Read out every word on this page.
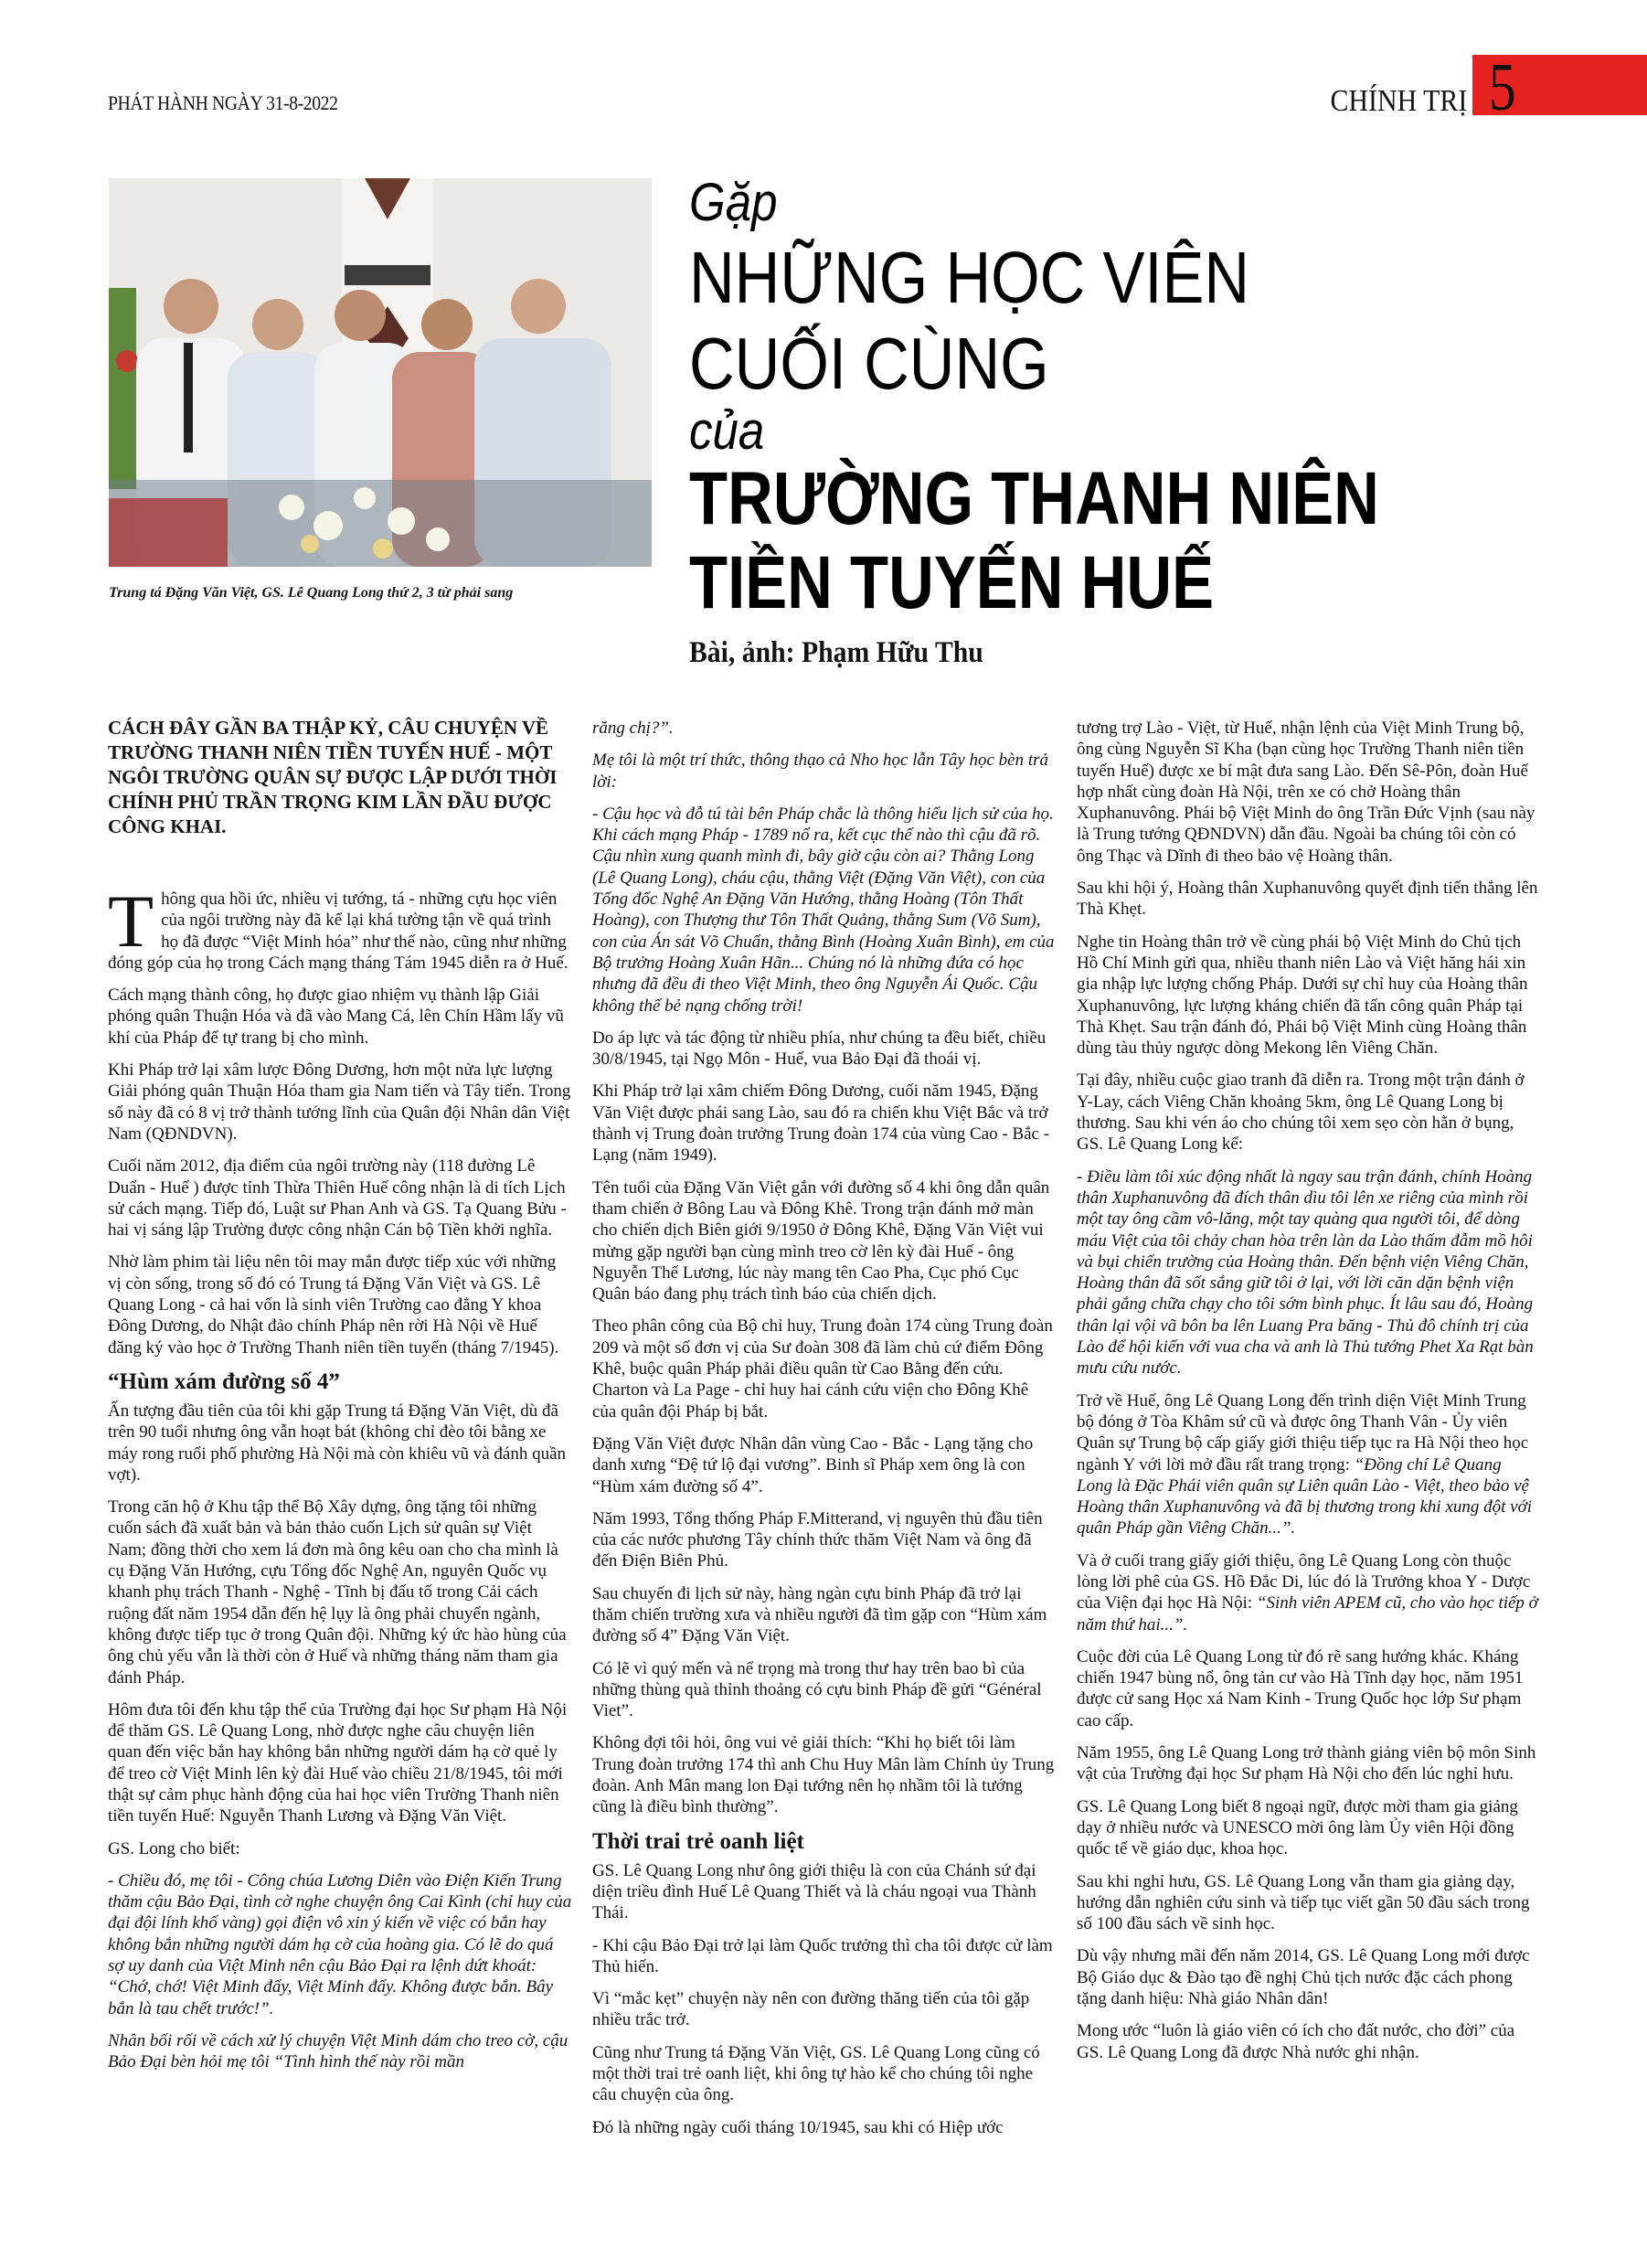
PHÁT HÀNH NGÀY 31-8-2022	CHÍNH TRỊ 5
Trung tá Đặng Văn Việt, GS. Lê Quang Long thứ 2, 3 từ phải sang
Gặp
NHỮNG HỌC VIÊN
CUỐI CÙNG
của
TRƯỜNG THANH NIÊN
TIỀN TUYẾN HUẾ
Bài, ảnh: Phạm Hữu Thu

CÁCH ĐÂY GẦN BA THẬP KỶ, CÂU CHUYỆN VỀ TRƯỜNG THANH NIÊN TIỀN TUYẾN HUẾ - MỘT NGÔI TRƯỜNG QUÂN SỰ ĐƯỢC LẬP DƯỚI THỜI CHÍNH PHỦ TRẦN TRỌNG KIM LẦN ĐẦU ĐƯỢC CÔNG KHAI.

Thông qua hồi ức, nhiều vị tướng, tá - những cựu học viên của ngôi trường này đã kể lại khá tường tận về quá trình họ đã được “Việt Minh hóa” như thế nào, cũng như những đóng góp của họ trong Cách mạng tháng Tám 1945 diễn ra ở Huế.

Cách mạng thành công, họ được giao nhiệm vụ thành lập Giải phóng quân Thuận Hóa và đã vào Mang Cá, lên Chín Hầm lấy vũ khí của Pháp để tự trang bị cho mình.

Khi Pháp trở lại xâm lược Đông Dương, hơn một nửa lực lượng Giải phóng quân Thuận Hóa tham gia Nam tiến và Tây tiến. Trong số này đã có 8 vị trở thành tướng lĩnh của Quân đội Nhân dân Việt Nam (QĐNDVN).

Cuối năm 2012, địa điểm của ngôi trường này (118 đường Lê Duẩn - Huế ) được tỉnh Thừa Thiên Huế công nhận là di tích Lịch sử cách mạng. Tiếp đó, Luật sư Phan Anh và GS. Tạ Quang Bửu - hai vị sáng lập Trường được công nhận Cán bộ Tiền khởi nghĩa.

Nhờ làm phim tài liệu nên tôi may mắn được tiếp xúc với những vị còn sống, trong số đó có Trung tá Đặng Văn Việt và GS. Lê Quang Long - cả hai vốn là sinh viên Trường cao đẳng Y khoa Đông Dương, do Nhật đảo chính Pháp nên rời Hà Nội về Huế đăng ký vào học ở Trường Thanh niên tiền tuyến (tháng 7/1945).

“Hùm xám đường số 4”

Ấn tượng đầu tiên của tôi khi gặp Trung tá Đặng Văn Việt, dù đã trên 90 tuổi nhưng ông vẫn hoạt bát (không chỉ đèo tôi bằng xe máy rong ruổi phố phường Hà Nội mà còn khiêu vũ và đánh quần vợt).

Trong căn hộ ở Khu tập thể Bộ Xây dựng, ông tặng tôi những cuốn sách đã xuất bản và bản thảo cuốn Lịch sử quân sự Việt Nam; đồng thời cho xem lá đơn mà ông kêu oan cho cha mình là cụ Đặng Văn Hướng, cựu Tổng đốc Nghệ An, nguyên Quốc vụ khanh phụ trách Thanh - Nghệ - Tĩnh bị đấu tố trong Cải cách ruộng đất năm 1954 dẫn đến hệ lụy là ông phải chuyển ngành, không được tiếp tục ở trong Quân đội. Những ký ức hào hùng của ông chủ yếu vẫn là thời còn ở Huế và những tháng năm tham gia đánh Pháp.

Hôm đưa tôi đến khu tập thể của Trường đại học Sư phạm Hà Nội để thăm GS. Lê Quang Long, nhờ được nghe câu chuyện liên quan đến việc bắn hay không bắn những người dám hạ cờ quẻ ly để treo cờ Việt Minh lên kỳ đài Huế vào chiều 21/8/1945, tôi mới thật sự cảm phục hành động của hai học viên Trường Thanh niên tiền tuyến Huế: Nguyễn Thanh Lương và Đặng Văn Việt.

GS. Long cho biết:

- Chiều đó, mẹ tôi - Công chúa Lương Diên vào Điện Kiến Trung thăm cậu Bảo Đại, tình cờ nghe chuyện ông Cai Kình (chỉ huy của đại đội lính khố vàng) gọi điện vô xin ý kiến về việc có bắn hay không bắn những người dám hạ cờ của hoàng gia. Có lẽ do quá sợ uy danh của Việt Minh nên cậu Bảo Đại ra lệnh dứt khoát: “Chớ, chớ! Việt Minh đấy, Việt Minh đấy. Không được bắn. Bây bắn là tau chết trước!”.

Nhân bối rối về cách xử lý chuyện Việt Minh dám cho treo cờ, cậu Bảo Đại bèn hỏi mẹ tôi “Tình hình thế này rồi mần

răng chị?”.

Mẹ tôi là một trí thức, thông thạo cả Nho học lẫn Tây học bèn trả lời:

- Cậu học và đỗ tú tài bên Pháp chắc là thông hiểu lịch sử của họ. Khi cách mạng Pháp - 1789 nổ ra, kết cục thế nào thì cậu đã rõ. Cậu nhìn xung quanh mình đi, bây giờ cậu còn ai? Thằng Long (Lê Quang Long), cháu cậu, thằng Việt (Đặng Văn Việt), con của Tổng đốc Nghệ An Đặng Văn Hướng, thằng Hoàng (Tôn Thất Hoàng), con Thượng thư Tôn Thất Quảng, thằng Sum (Võ Sum), con của Án sát Võ Chuẩn, thằng Bình (Hoàng Xuân Bình), em của Bộ trưởng Hoàng Xuân Hãn... Chúng nó là những đứa có học nhưng đã đều đi theo Việt Minh, theo ông Nguyễn Ái Quốc. Cậu không thể bẻ nạng chống trời!

Do áp lực và tác động từ nhiều phía, như chúng ta đều biết, chiều 30/8/1945, tại Ngọ Môn - Huế, vua Bảo Đại đã thoái vị.

Khi Pháp trở lại xâm chiếm Đông Dương, cuối năm 1945, Đặng Văn Việt được phái sang Lào, sau đó ra chiến khu Việt Bắc và trở thành vị Trung đoàn trưởng Trung đoàn 174 của vùng Cao - Bắc - Lạng (năm 1949).

Tên tuổi của Đặng Văn Việt gắn với đường số 4 khi ông dẫn quân tham chiến ở Bông Lau và Đông Khê. Trong trận đánh mở màn cho chiến dịch Biên giới 9/1950 ở Đông Khê, Đặng Văn Việt vui mừng gặp người bạn cùng mình treo cờ lên kỳ đài Huế - ông Nguyễn Thế Lương, lúc này mang tên Cao Pha, Cục phó Cục Quân báo đang phụ trách tình báo của chiến dịch.

Theo phân công của Bộ chỉ huy, Trung đoàn 174 cùng Trung đoàn 209 và một số đơn vị của Sư đoàn 308 đã làm chủ cứ điểm Đông Khê, buộc quân Pháp phải điều quân từ Cao Bằng đến cứu. Charton và La Page - chỉ huy hai cánh cứu viện cho Đông Khê của quân đội Pháp bị bắt.

Đặng Văn Việt được Nhân dân vùng Cao - Bắc - Lạng tặng cho danh xưng “Đệ tứ lộ đại vương”. Binh sĩ Pháp xem ông là con “Hùm xám đường số 4”.

Năm 1993, Tổng thống Pháp F.Mitterand, vị nguyên thủ đầu tiên của các nước phương Tây chính thức thăm Việt Nam và ông đã đến Điện Biên Phủ.

Sau chuyến đi lịch sử này, hàng ngàn cựu binh Pháp đã trở lại thăm chiến trường xưa và nhiều người đã tìm gặp con “Hùm xám đường số 4” Đặng Văn Việt.

Có lẽ vì quý mến và nể trọng mà trong thư hay trên bao bì của những thùng quà thỉnh thoảng có cựu binh Pháp đề gửi “Général Viet”.

Không đợi tôi hỏi, ông vui vẻ giải thích: “Khi họ biết tôi làm Trung đoàn trưởng 174 thì anh Chu Huy Mân làm Chính ủy Trung đoàn. Anh Mân mang lon Đại tướng nên họ nhầm tôi là tướng cũng là điều bình thường”.

Thời trai trẻ oanh liệt

GS. Lê Quang Long như ông giới thiệu là con của Chánh sứ đại diện triều đình Huế Lê Quang Thiết và là cháu ngoại vua Thành Thái.

- Khi cậu Bảo Đại trở lại làm Quốc trưởng thì cha tôi được cử làm Thủ hiến.

Vì “mắc kẹt” chuyện này nên con đường thăng tiến của tôi gặp nhiều trắc trở.

Cũng như Trung tá Đặng Văn Việt, GS. Lê Quang Long cũng có một thời trai trẻ oanh liệt, khi ông tự hào kể cho chúng tôi nghe câu chuyện của ông.

Đó là những ngày cuối tháng 10/1945, sau khi có Hiệp ước

tương trợ Lào - Việt, từ Huế, nhận lệnh của Việt Minh Trung bộ, ông cùng Nguyễn Sĩ Kha (bạn cùng học Trường Thanh niên tiền tuyến Huế) được xe bí mật đưa sang Lào. Đến Sê-Pôn, đoàn Huế hợp nhất cùng đoàn Hà Nội, trên xe có chở Hoàng thân Xuphanuvông. Phái bộ Việt Minh do ông Trần Đức Vịnh (sau này là Trung tướng QĐNDVN) dẫn đầu. Ngoài ba chúng tôi còn có ông Thạc và Dĩnh đi theo bảo vệ Hoàng thân.

Sau khi hội ý, Hoàng thân Xuphanuvông quyết định tiến thẳng lên Thà Khẹt.

Nghe tin Hoàng thân trở về cùng phái bộ Việt Minh do Chủ tịch Hồ Chí Minh gửi qua, nhiều thanh niên Lào và Việt hăng hái xin gia nhập lực lượng chống Pháp. Dưới sự chỉ huy của Hoàng thân Xuphanuvông, lực lượng kháng chiến đã tấn công quân Pháp tại Thà Khẹt. Sau trận đánh đó, Phái bộ Việt Minh cùng Hoàng thân dùng tàu thủy ngược dòng Mekong lên Viêng Chăn.

Tại đây, nhiều cuộc giao tranh đã diễn ra. Trong một trận đánh ở Y-Lay, cách Viêng Chăn khoảng 5km, ông Lê Quang Long bị thương. Sau khi vén áo cho chúng tôi xem sẹo còn hằn ở bụng, GS. Lê Quang Long kể:

- Điều làm tôi xúc động nhất là ngay sau trận đánh, chính Hoàng thân Xuphanuvông đã đích thân dìu tôi lên xe riêng của mình rồi một tay ông cầm vô-lăng, một tay quàng qua người tôi, để dòng máu Việt của tôi chảy chan hòa trên làn da Lào thấm đẫm mồ hôi và bụi chiến trường của Hoàng thân. Đến bệnh viện Viêng Chăn, Hoàng thân đã sốt sắng giữ tôi ở lại, với lời căn dặn bệnh viện phải gắng chữa chạy cho tôi sớm bình phục. Ít lâu sau đó, Hoàng thân lại vội vã bôn ba lên Luang Pra băng - Thủ đô chính trị của Lào để hội kiến với vua cha và anh là Thủ tướng Phet Xa Rạt bàn mưu cứu nước.

Trở về Huế, ông Lê Quang Long đến trình diện Việt Minh Trung bộ đóng ở Tòa Khâm sứ cũ và được ông Thanh Vân - Ủy viên Quân sự Trung bộ cấp giấy giới thiệu tiếp tục ra Hà Nội theo học ngành Y với lời mở đầu rất trang trọng: “Đồng chí Lê Quang Long là Đặc Phái viên quân sự Liên quân Lào - Việt, theo bảo vệ Hoàng thân Xuphanuvông và đã bị thương trong khi xung đột với quân Pháp gần Viêng Chăn...”.

Và ở cuối trang giấy giới thiệu, ông Lê Quang Long còn thuộc lòng lời phê của GS. Hồ Đắc Di, lúc đó là Trưởng khoa Y - Dược của Viện đại học Hà Nội: “Sinh viên APEM cũ, cho vào học tiếp ở năm thứ hai...”.

Cuộc đời của Lê Quang Long từ đó rẽ sang hướng khác. Kháng chiến 1947 bùng nổ, ông tản cư vào Hà Tĩnh dạy học, năm 1951 được cử sang Học xá Nam Kinh - Trung Quốc học lớp Sư phạm cao cấp.

Năm 1955, ông Lê Quang Long trở thành giảng viên bộ môn Sinh vật của Trường đại học Sư phạm Hà Nội cho đến lúc nghỉ hưu.

GS. Lê Quang Long biết 8 ngoại ngữ, được mời tham gia giảng dạy ở nhiều nước và UNESCO mời ông làm Ủy viên Hội đồng quốc tế về giáo dục, khoa học.

Sau khi nghỉ hưu, GS. Lê Quang Long vẫn tham gia giảng dạy, hướng dẫn nghiên cứu sinh và tiếp tục viết gần 50 đầu sách trong số 100 đầu sách về sinh học.

Dù vậy nhưng mãi đến năm 2014, GS. Lê Quang Long mới được Bộ Giáo dục & Đào tạo đề nghị Chủ tịch nước đặc cách phong tặng danh hiệu: Nhà giáo Nhân dân!

Mong ước “luôn là giáo viên có ích cho đất nước, cho đời” của GS. Lê Quang Long đã được Nhà nước ghi nhận.
